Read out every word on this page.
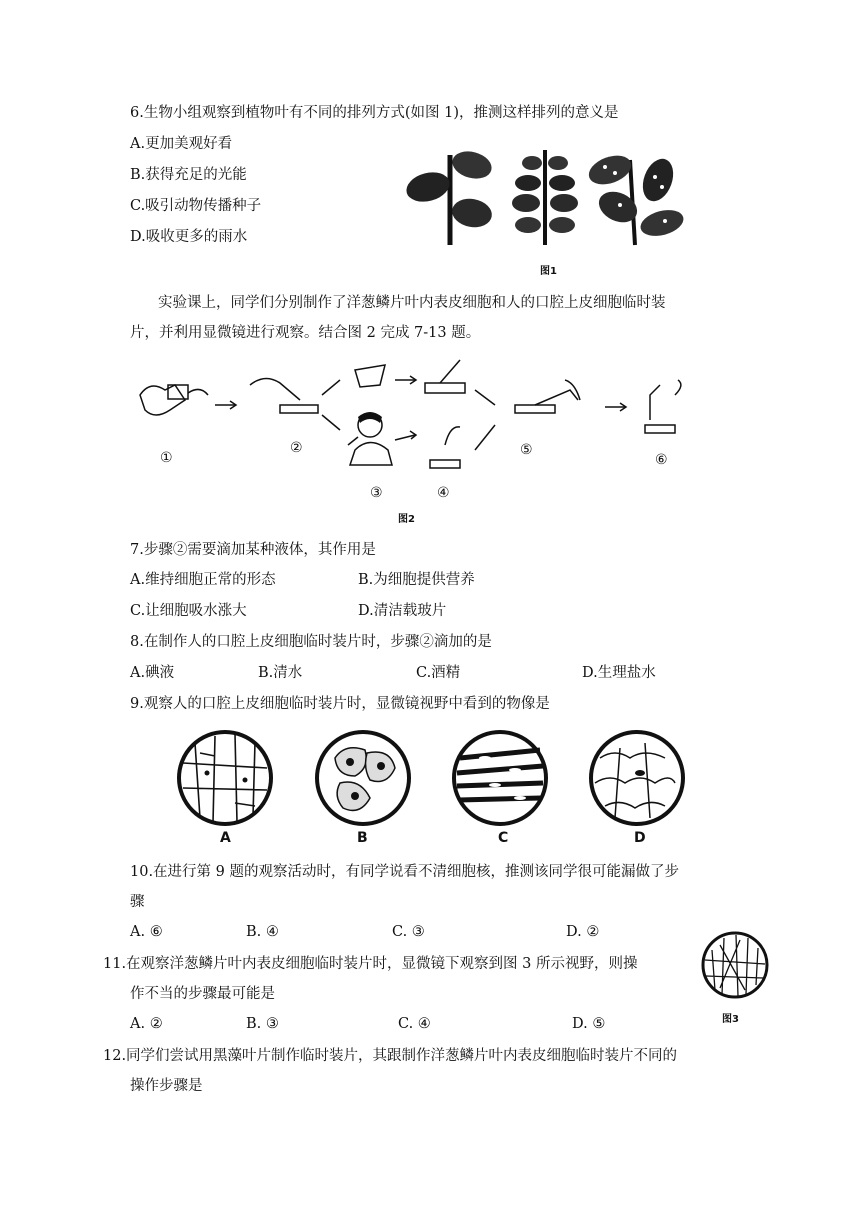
6.生物小组观察到植物叶有不同的排列方式(如图 1)，推测这样排列的意义是
A.更加美观好看
B.获得充足的光能
C.吸引动物传播种子
D.吸收更多的雨水
图1
实验课上，同学们分别制作了洋葱鳞片叶内表皮细胞和人的口腔上皮细胞临时装
片，并利用显微镜进行观察。结合图 2 完成 7-13 题。
①
②
③	④
⑤
⑥
图2
7.步骤②需要滴加某种液体，其作用是
A.维持细胞正常的形态	B.为细胞提供营养
C.让细胞吸水涨大	D.清洁载玻片
8.在制作人的口腔上皮细胞临时装片时，步骤②滴加的是
A.碘液	B.清水	C.酒精	D.生理盐水
9.观察人的口腔上皮细胞临时装片时，显微镜视野中看到的物像是
A	B	C	D
10.在进行第 9 题的观察活动时，有同学说看不清细胞核，推测该同学很可能漏做了步
骤
A. ⑥	B. ④	C. ③	D. ②
11.在观察洋葱鳞片叶内表皮细胞临时装片时，显微镜下观察到图 3 所示视野，则操
作不当的步骤最可能是
A. ②	B. ③	C. ④	D. ⑤	图3
12.同学们尝试用黑藻叶片制作临时装片，其跟制作洋葱鳞片叶内表皮细胞临时装片不同的
操作步骤是
